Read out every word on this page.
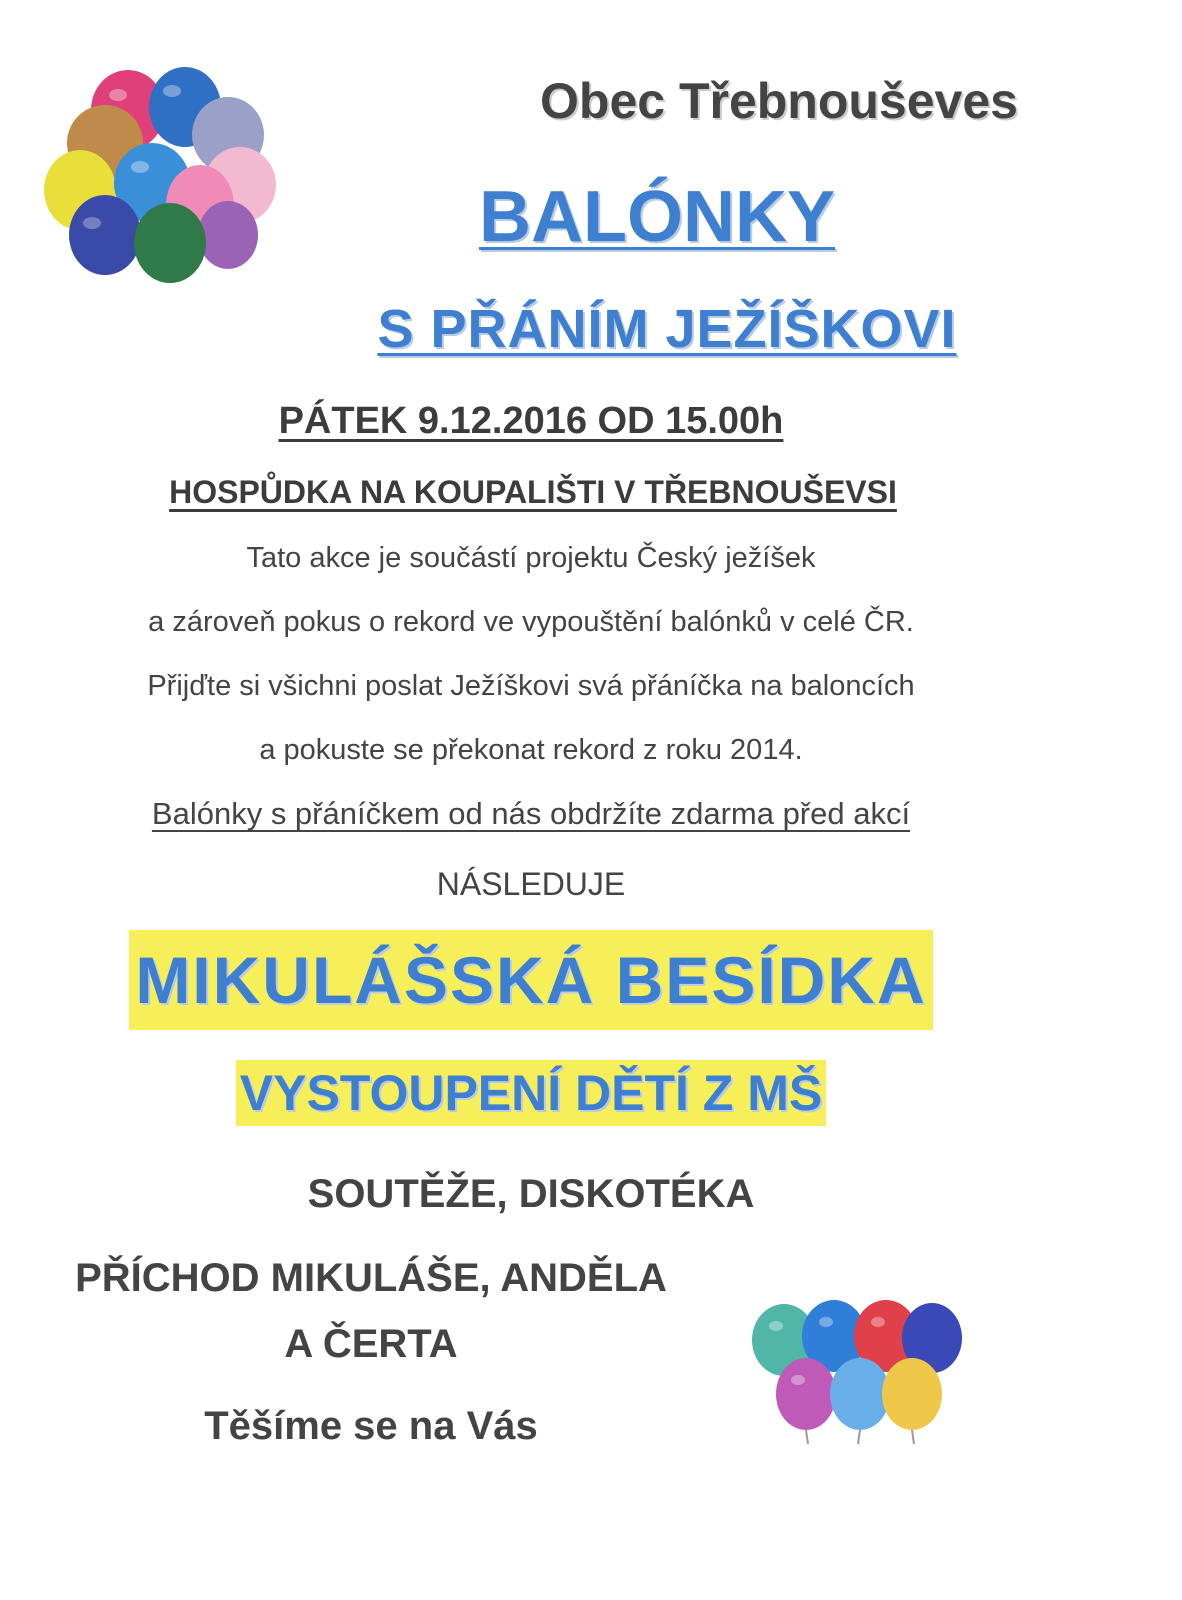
Obec Třebnouševes
BALÓNKY
S PŘÁNÍM JEŽÍŠKOVI
PÁTEK 9.12.2016 OD 15.00h
HOSPŮDKA NA KOUPALIŠTI V TŘEBNOUŠEVSI
Tato akce je součástí projektu Český ježíšek
a zároveň pokus o rekord ve vypouštění balónků v celé ČR.
Přijďte si všichni poslat Ježíškovi svá přáníčka na baloncích
a pokuste se překonat rekord z roku 2014.
Balónky s přáníčkem od nás obdržíte zdarma před akcí
NÁSLEDUJE
MIKULÁŠSKÁ BESÍDKA
VYSTOUPENÍ DĚTÍ Z MŠ
SOUTĚŽE, DISKOTÉKA
PŘÍCHOD MIKULÁŠE, ANDĚLA
A ČERTA
Těšíme se na Vás
